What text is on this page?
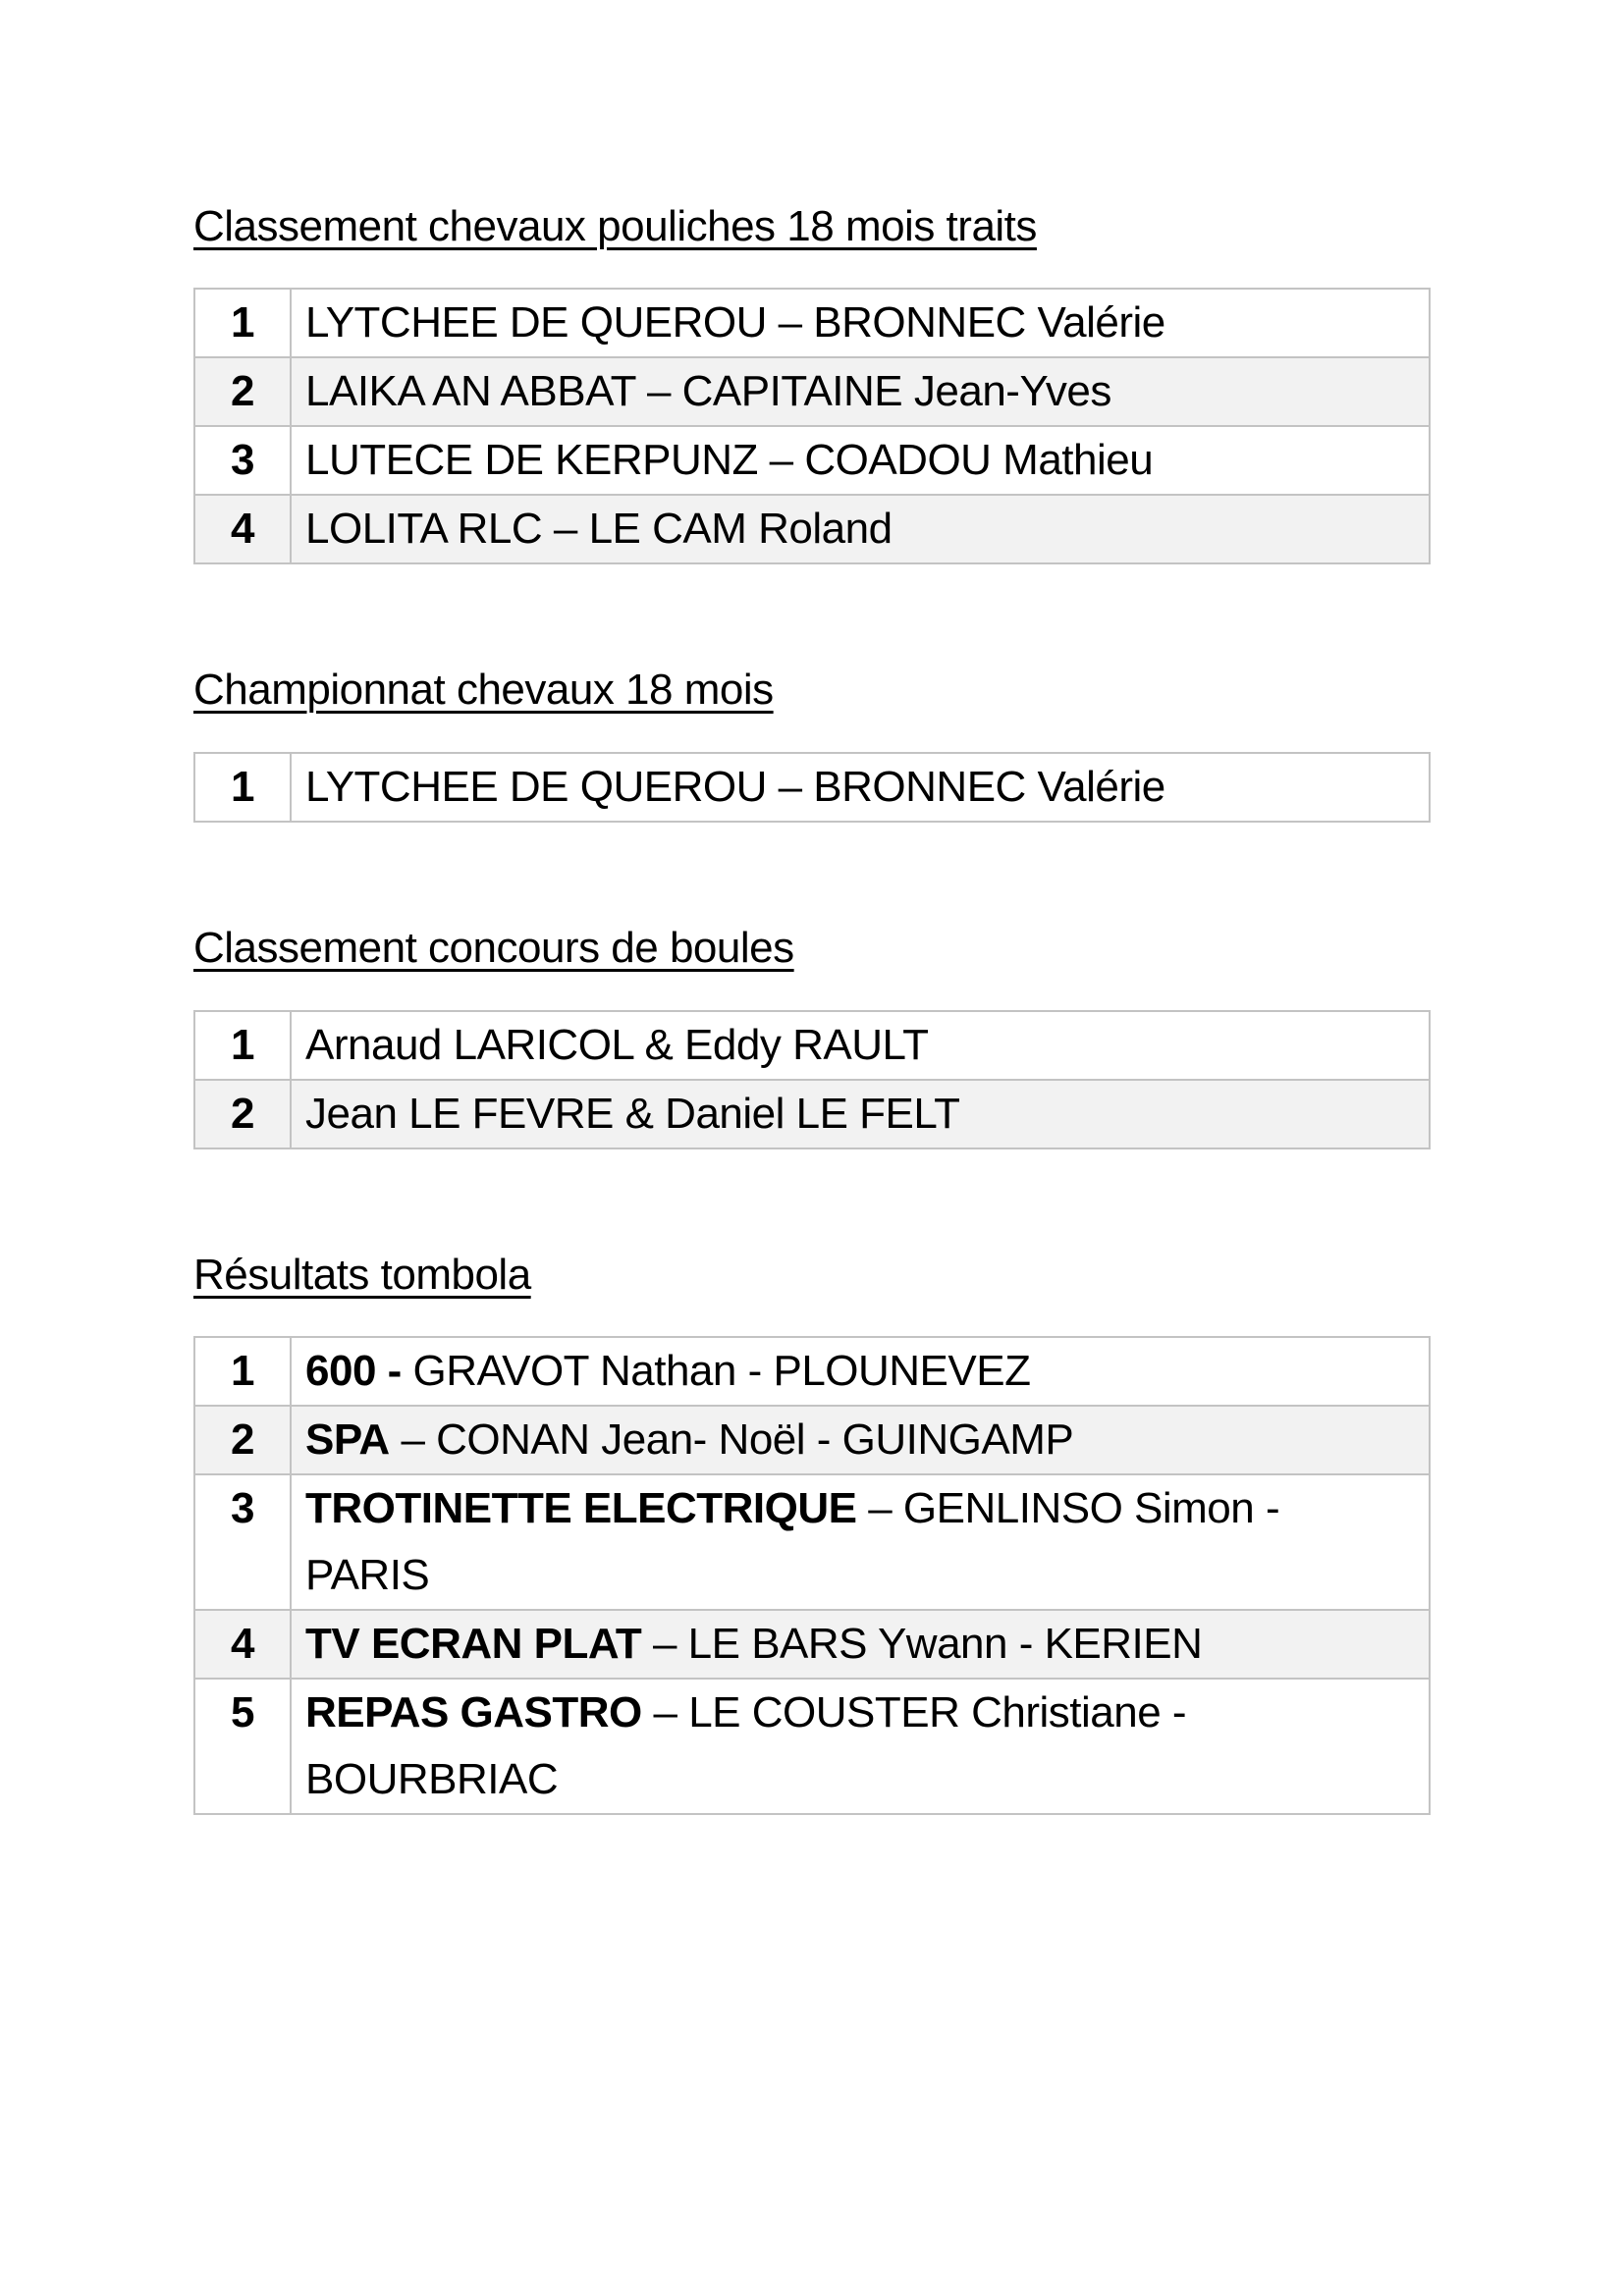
Classement chevaux pouliches 18 mois traits
1	LYTCHEE DE QUEROU – BRONNEC Valérie
2	LAIKA AN ABBAT – CAPITAINE Jean-Yves
3	LUTECE DE KERPUNZ – COADOU Mathieu
4	LOLITA RLC – LE CAM Roland
Championnat chevaux 18 mois
1	LYTCHEE DE QUEROU – BRONNEC Valérie
Classement concours de boules
1	Arnaud LARICOL & Eddy RAULT
2	Jean LE FEVRE & Daniel LE FELT
Résultats tombola
1	600 - GRAVOT Nathan - PLOUNEVEZ
2	SPA – CONAN Jean- Noël - GUINGAMP
3	TROTINETTE ELECTRIQUE – GENLINSO Simon - PARIS
4	TV ECRAN PLAT – LE BARS Ywann - KERIEN
5	REPAS GASTRO – LE COUSTER Christiane - BOURBRIAC
